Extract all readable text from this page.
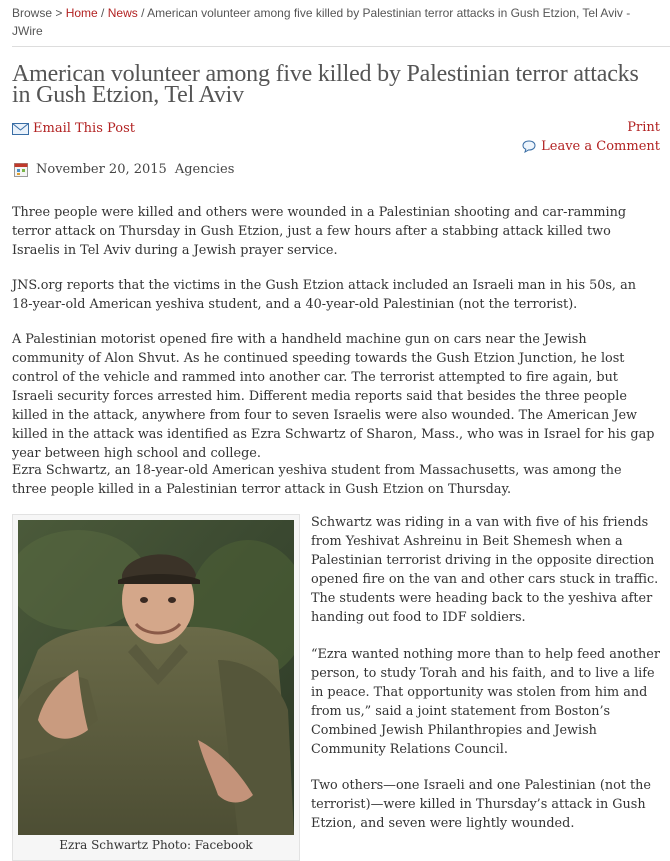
Browse > Home / News / American volunteer among five killed by Palestinian terror attacks in Gush Etzion, Tel Aviv - JWire
American volunteer among five killed by Palestinian terror attacks in Gush Etzion, Tel Aviv
Email This Post	Print
Leave a Comment
November 20, 2015 Agencies

Three people were killed and others were wounded in a Palestinian shooting and car-ramming terror attack on Thursday in Gush Etzion, just a few hours after a stabbing attack killed two Israelis in Tel Aviv during a Jewish prayer service.

JNS.org reports that the victims in the Gush Etzion attack included an Israeli man in his 50s, an 18-year-old American yeshiva student, and a 40-year-old Palestinian (not the terrorist).

A Palestinian motorist opened fire with a handheld machine gun on cars near the Jewish community of Alon Shvut. As he continued speeding towards the Gush Etzion Junction, he lost control of the vehicle and rammed into another car. The terrorist attempted to fire again, but Israeli security forces arrested him. Different media reports said that besides the three people killed in the attack, anywhere from four to seven Israelis were also wounded. The American Jew killed in the attack was identified as Ezra Schwartz of Sharon, Mass., who was in Israel for his gap year between high school and college.

Ezra Schwartz, an 18-year-old American yeshiva student from Massachusetts, was among the three people killed in a Palestinian terror attack in Gush Etzion on Thursday.

Ezra Schwartz Photo: Facebook

Schwartz was riding in a van with five of his friends from Yeshivat Ashreinu in Beit Shemesh when a Palestinian terrorist driving in the opposite direction opened fire on the van and other cars stuck in traffic. The students were heading back to the yeshiva after handing out food to IDF soldiers.

“Ezra wanted nothing more than to help feed another person, to study Torah and his faith, and to live a life in peace. That opportunity was stolen from him and from us,” said a joint statement from Boston’s Combined Jewish Philanthropies and Jewish Community Relations Council.

Two others—one Israeli and one Palestinian (not the terrorist)—were killed in Thursday’s attack in Gush Etzion, and seven were lightly wounded.
